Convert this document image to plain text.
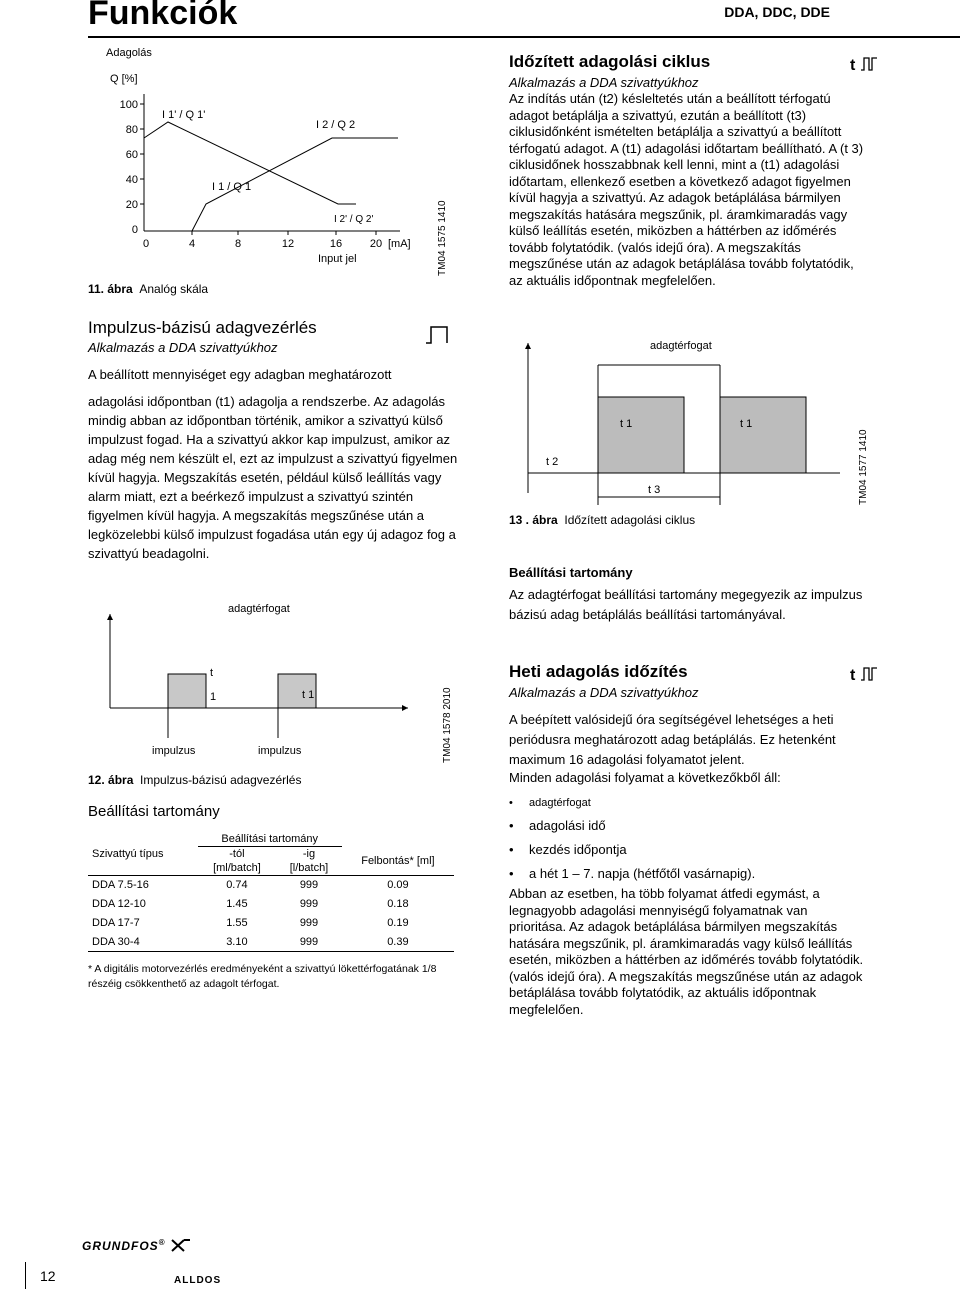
Funkciók	DDA, DDC, DDE
Adagolás
Q [%]
100
80
60
40
20
0
0	4	8	12	16	20 [mA]
Input jel
I 1' / Q 1'
I 2 / Q 2
I 1 / Q 1
I 2' / Q 2'
11. ábra Analóg skála
TM04 1575 1410
Impulzus-bázisú adagvezérlés
Alkalmazás a DDA szivattyúkhoz
A beállított mennyiséget egy adagban meghatározott
adagolási időpontban (t1) adagolja a rendszerbe. Az adagolás mindig abban az időpontban történik, amikor a szivattyú külső impulzust fogad. Ha a szivattyú akkor kap impulzust, amikor az adag még nem készült el, ezt az impulzust a szivattyú figyelmen kívül hagyja. Megszakítás esetén, például külső leállítás vagy alarm miatt, ezt a beérkező impulzust a szivattyú szintén figyelmen kívül hagyja. A megszakítás megszűnése után a legközelebbi külső impulzust fogadása után egy új adagoz fog a szivattyú beadagolni.
adagtérfogat
t
1	t 1
impulzus	impulzus
12. ábra Impulzus-bázisú adagvezérlés
TM04 1578 2010
Beállítási tartomány
	Beállítási tartomány		
Szivattyú típus	-tól	-ig	Felbontás* [ml]
	[ml/batch]	[l/batch]	
DDA 7.5-16	0.74	999	0.09
DDA 12-10	1.45	999	0.18
DDA 17-7	1.55	999	0.19
DDA 30-4	3.10	999	0.39
* A digitális motorvezérlés eredményeként a szivattyú lökettérfogatának 1/8 részéig csökkenthető az adagolt térfogat.
Időzített adagolási ciklus	t
Alkalmazás a DDA szivattyúkhoz
Az indítás után (t2) késleltetés után a beállított térfogatú adagot betáplálja a szivattyú, ezután a beállított (t3) ciklusidőnként ismételten betáplálja a szivattyú a beállított térfogatú adagot. A (t1) adagolási időtartam beállítható. A (t 3) ciklusidőnek hosszabbnak kell lenni, mint a (t1) adagolási időtartam, ellenkező esetben a következő adagot figyelmen kívül hagyja a szivattyú. Az adagok betáplálása bármilyen megszakítás hatására megszűnik, pl. áramkimaradás vagy külső leállítás esetén, miközben a háttérben az időmérés tovább folytatódik. (valós idejű óra). A megszakítás megszűnése után az adagok betáplálása tovább folytatódik, az aktuális időpontnak megfelelően.
adagtérfogat
t 1	t 1
t 2
t 3
13 . ábra Időzített adagolási ciklus
TM04 1577 1410
Beállítási tartomány
Az adagtérfogat beállítási tartomány megegyezik az impulzus bázisú adag betáplálás beállítási tartományával.
Heti adagolás időzítés	t
Alkalmazás a DDA szivattyúkhoz
A beépített valósidejű óra segítségével lehetséges a heti periódusra meghatározott adag betáplálás. Ez hetenként maximum 16 adagolási folyamatot jelent.
Minden adagolási folyamat a következőkből áll:
• adagtérfogat
• adagolási idő
• kezdés időpontja
• a hét 1 – 7. napja (hétfőtől vasárnapig).
Abban az esetben, ha több folyamat átfedi egymást, a legnagyobb adagolási mennyiségű folyamatnak van prioritása. Az adagok betáplálása bármilyen megszakítás hatására megszűnik, pl. áramkimaradás vagy külső leállítás esetén, miközben a háttérben az időmérés tovább folytatódik. (valós idejű óra). A megszakítás megszűnése után az adagok betáplálása tovább folytatódik, az aktuális időpontnak megfelelően.
GRUNDFOS®
12	ALLDOS
